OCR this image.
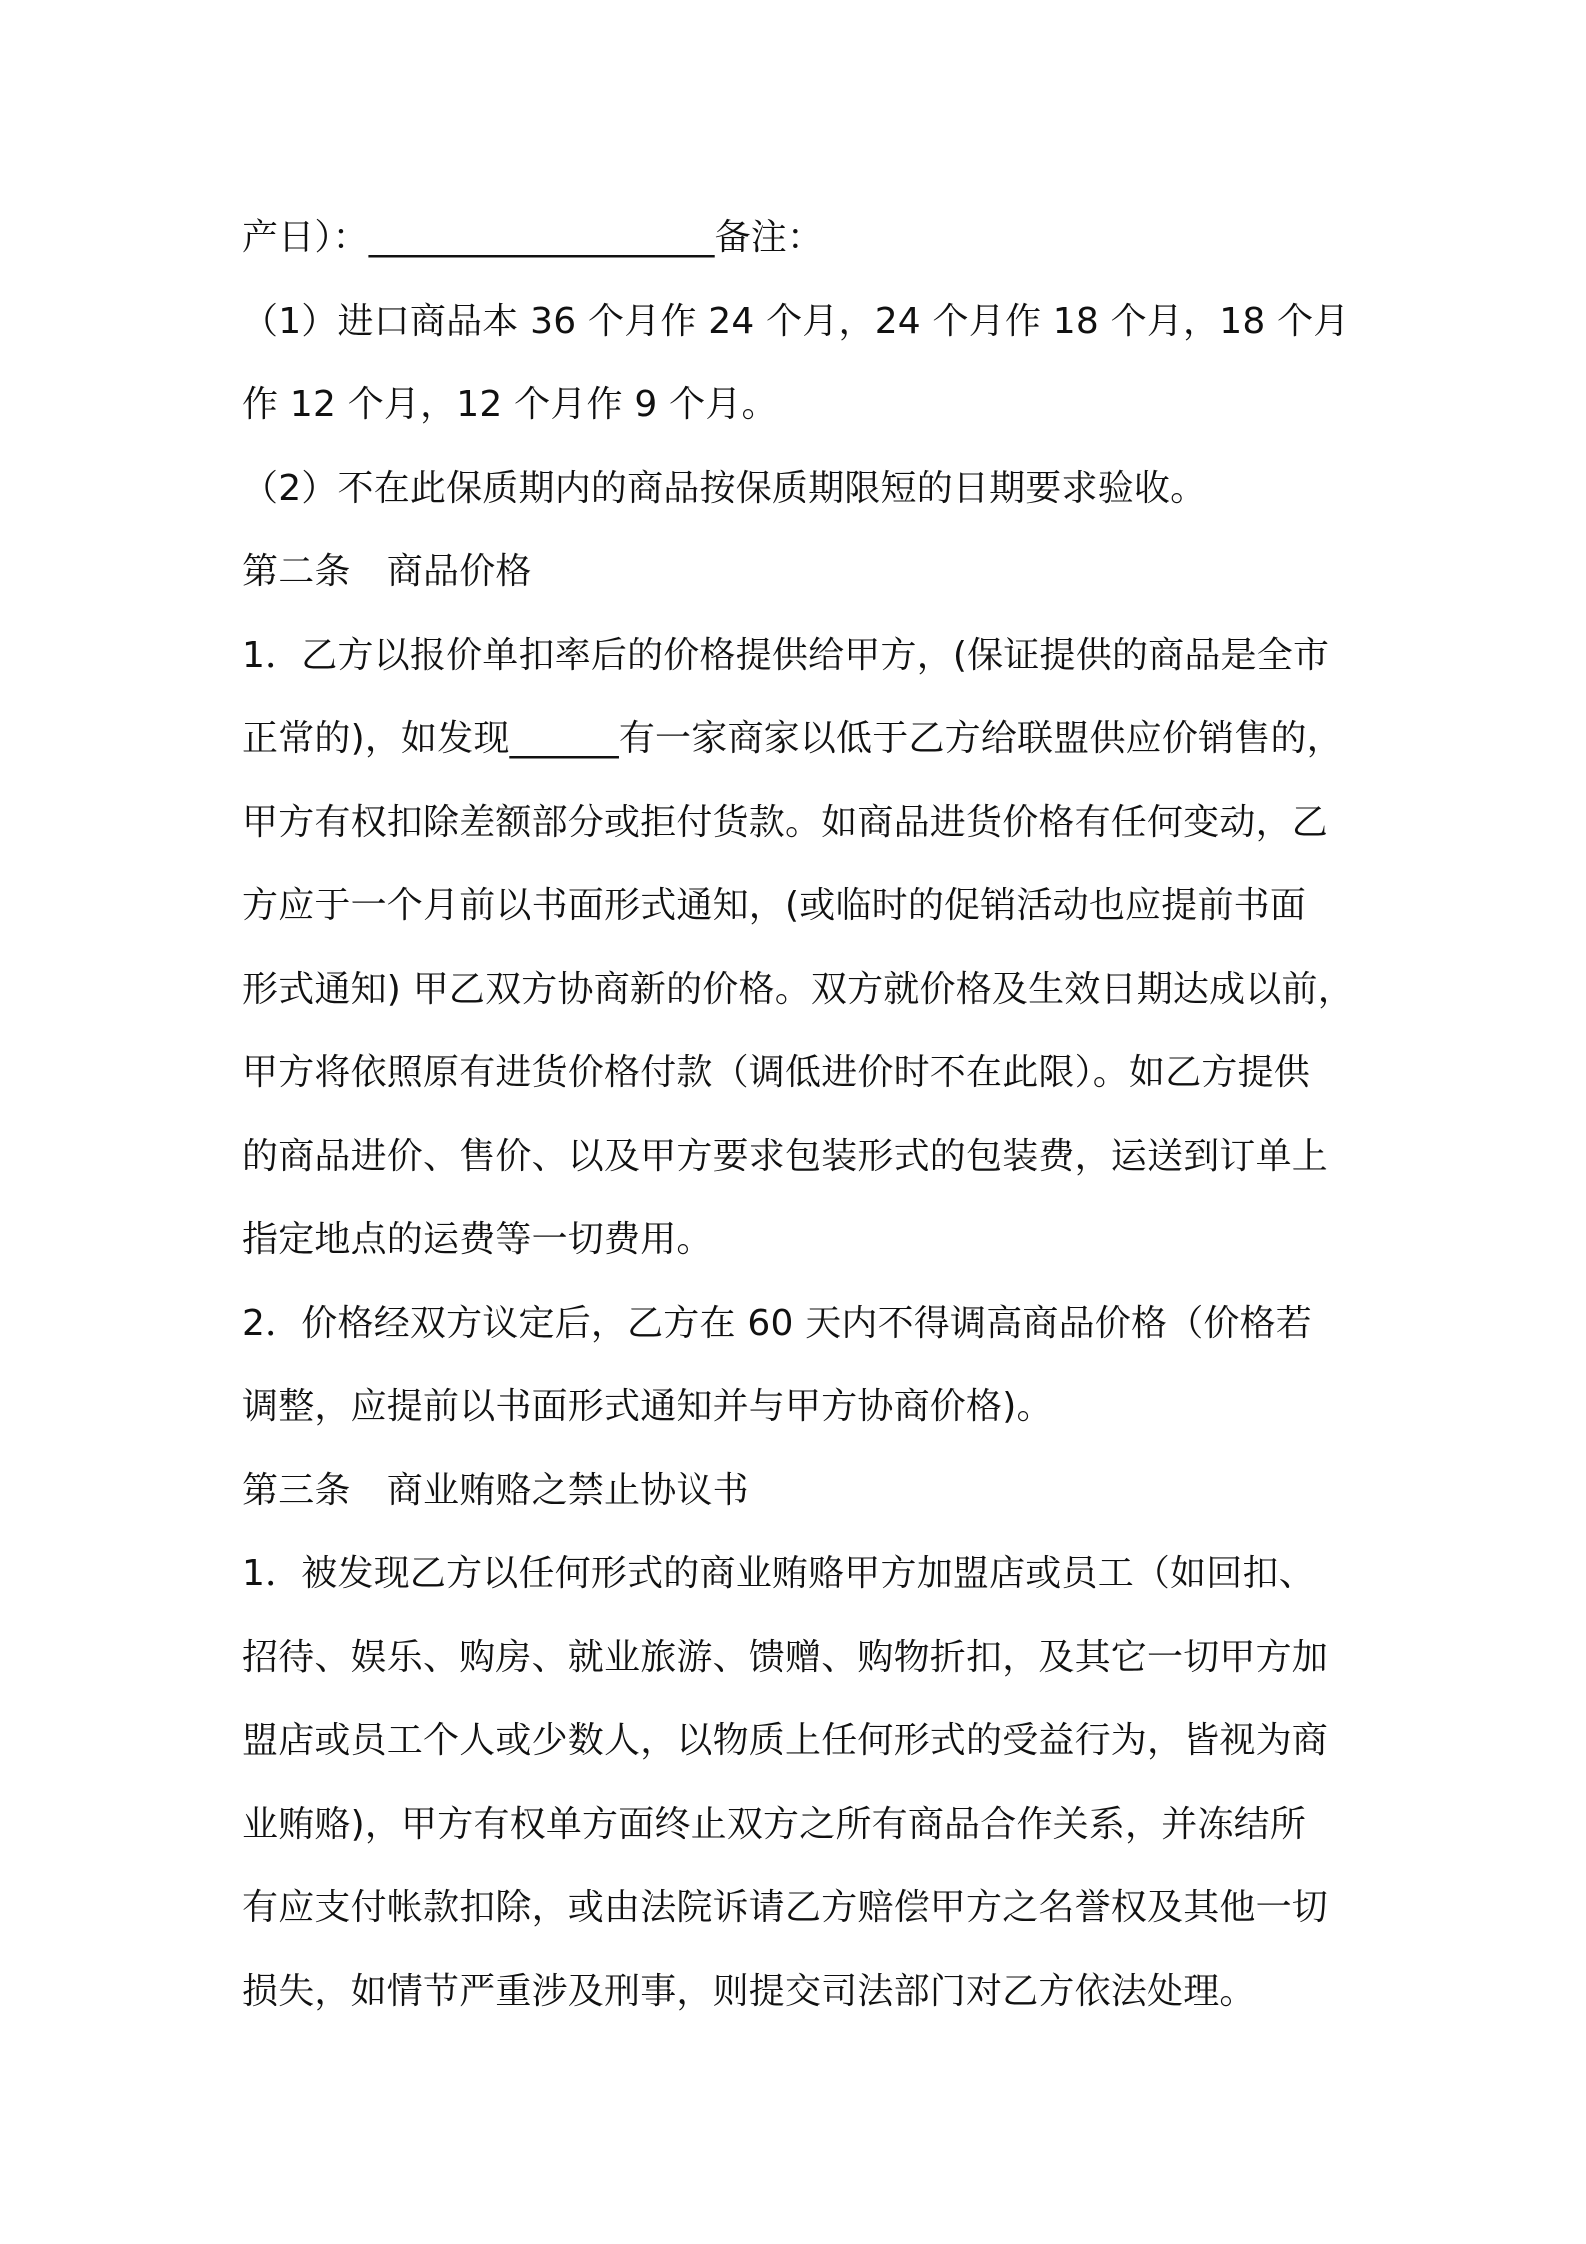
产日）：___________________备注：
（1）进口商品本 36 个月作 24 个月，24 个月作 18 个月，18 个月
作 12 个月，12 个月作 9 个月。
（2）不在此保质期内的商品按保质期限短的日期要求验收。
第二条　商品价格
1．乙方以报价单扣率后的价格提供给甲方，(保证提供的商品是全市
正常的)，如发现______有一家商家以低于乙方给联盟供应价销售的，
甲方有权扣除差额部分或拒付货款。如商品进货价格有任何变动，乙
方应于一个月前以书面形式通知，(或临时的促销活动也应提前书面
形式通知) 甲乙双方协商新的价格。双方就价格及生效日期达成以前，
甲方将依照原有进货价格付款（调低进价时不在此限）。如乙方提供
的商品进价、售价、以及甲方要求包装形式的包装费，运送到订单上
指定地点的运费等一切费用。
2．价格经双方议定后，乙方在 60 天内不得调高商品价格（价格若
调整，应提前以书面形式通知并与甲方协商价格)。
第三条　商业贿赂之禁止协议书
1．被发现乙方以任何形式的商业贿赂甲方加盟店或员工（如回扣、
招待、娱乐、购房、就业旅游、馈赠、购物折扣，及其它一切甲方加
盟店或员工个人或少数人，以物质上任何形式的受益行为，皆视为商
业贿赂)，甲方有权单方面终止双方之所有商品合作关系，并冻结所
有应支付帐款扣除，或由法院诉请乙方赔偿甲方之名誉权及其他一切
损失，如情节严重涉及刑事，则提交司法部门对乙方依法处理。
